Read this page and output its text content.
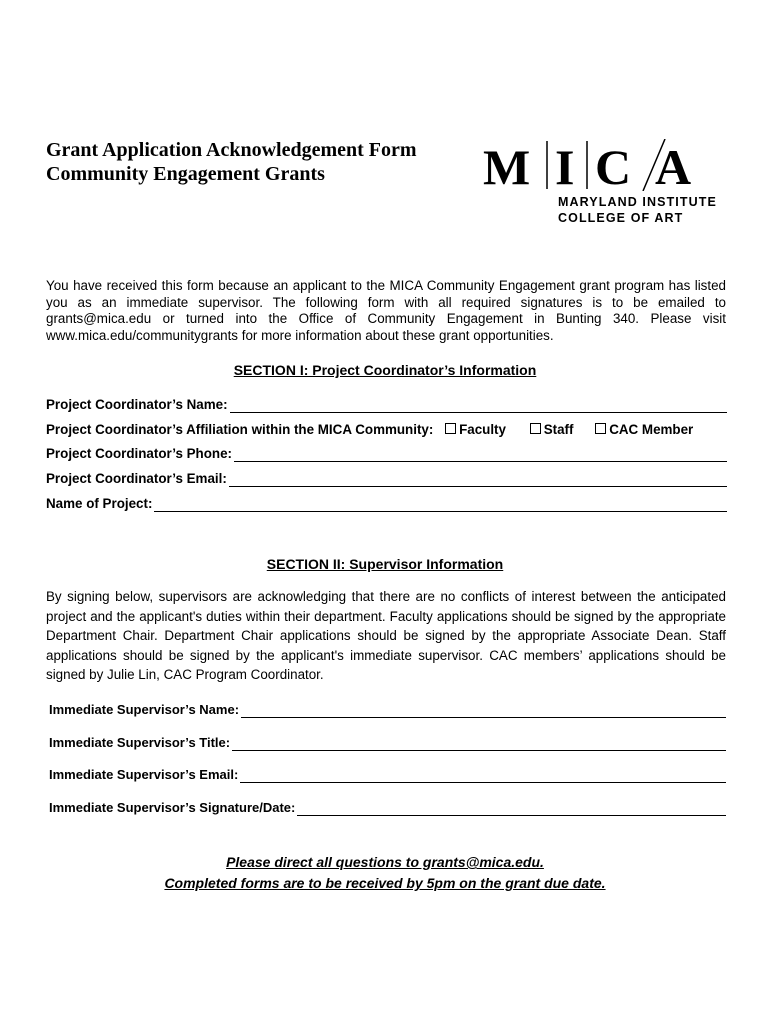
Grant Application Acknowledgement Form
Community Engagement Grants	M I C A
MARYLAND INSTITUTE
COLLEGE OF ART
You have received this form because an applicant to the MICA Community Engagement grant program has listed you as an immediate supervisor. The following form with all required signatures is to be emailed to grants@mica.edu or turned into the Office of Community Engagement in Bunting 340. Please visit www.mica.edu/communitygrants for more information about these grant opportunities.
SECTION I: Project Coordinator’s Information
Project Coordinator’s Name:
Project Coordinator’s Affiliation within the MICA Community: Faculty	Staff	CAC Member
Project Coordinator’s Phone:
Project Coordinator’s Email:
Name of Project:
SECTION II: Supervisor Information
By signing below, supervisors are acknowledging that there are no conflicts of interest between the anticipated project and the applicant's duties within their department. Faculty applications should be signed by the appropriate Department Chair. Department Chair applications should be signed by the appropriate Associate Dean. Staff applications should be signed by the applicant's immediate supervisor. CAC members’ applications should be signed by Julie Lin, CAC Program Coordinator.
Immediate Supervisor’s Name:
Immediate Supervisor’s Title:
Immediate Supervisor’s Email:
Immediate Supervisor’s Signature/Date:
Please direct all questions to grants@mica.edu.
Completed forms are to be received by 5pm on the grant due date.
